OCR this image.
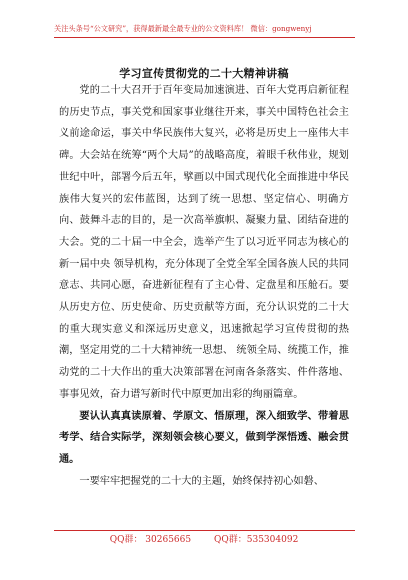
关注头条号“公文研究”，获得最新最全最专业的公文资料库！ 微信：gongwenyj
学习宣传贯彻党的二十大精神讲稿

党的二十大召开于百年变局加速演进、百年大党再启新征程的历史节点，事关党和国家事业继往开来，事关中国特色社会主义前途命运，事关中华民族伟大复兴，必将是历史上一座伟大丰碑。大会站在统筹“两个大局”的战略高度，着眼千秋伟业，规划世纪中叶，部署今后五年，擘画以中国式现代化全面推进中华民族伟大复兴的宏伟蓝图，达到了统一思想、坚定信心、明确方向、鼓舞斗志的目的，是一次高举旗帜、凝聚力量、团结奋进的大会。党的二十届一中全会，选举产生了以习近平同志为核心的新一届中央 领导机构，充分体现了全党全军全国各族人民的共同意志、共同心愿，奋进新征程有了主心骨、定盘星和压舱石。要从历史方位、历史使命、历史贡献等方面，充分认识党的二十大的重大现实意义和深远历史意义，迅速掀起学习宣传贯彻的热潮，坚定用党的二十大精神统一思想、 统领全局、统揽工作，推动党的二十大作出的重大决策部署在河南各条落实、件件落地、事事见效，奋力谱写新时代中原更加出彩的绚丽篇章。

要认认真真读原着、学原文、悟原理，深入细致学、带着思考学、结合实际学，深刻领会核心要义，做到学深悟透、融会贯通。

一要牢牢把握党的二十大的主题，始终保持初心如磐、

QQ群： 30265665	QQ群：535304092
